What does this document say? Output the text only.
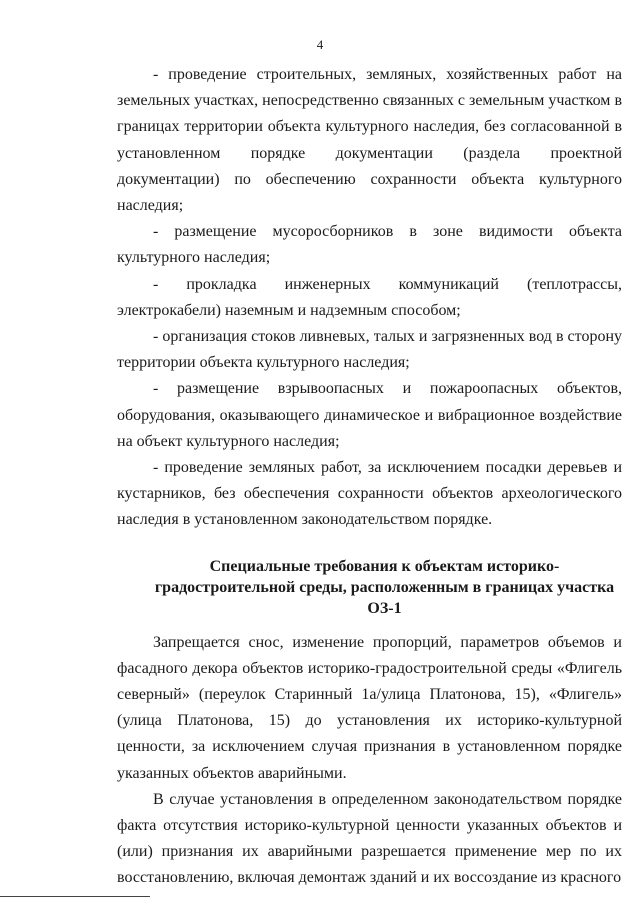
4

- проведение строительных, земляных, хозяйственных работ на земельных участках, непосредственно связанных с земельным участком в границах территории объекта культурного наследия, без согласованной в установленном порядке документации (раздела проектной документации) по обеспечению сохранности объекта культурного наследия;

- размещение мусоросборников в зоне видимости объекта культурного наследия;

- прокладка инженерных коммуникаций (теплотрассы, электрокабели) наземным и надземным способом;

- организация стоков ливневых, талых и загрязненных вод в сторону территории объекта культурного наследия;

- размещение взрывоопасных и пожароопасных объектов, оборудования, оказывающего динамическое и вибрационное воздействие на объект культурного наследия;

- проведение земляных работ, за исключением посадки деревьев и кустарников, без обеспечения сохранности объектов археологического наследия в установленном законодательством порядке.

Специальные требования к объектам историко-градостроительной среды, расположенным в границах участка ОЗ-1

Запрещается снос, изменение пропорций, параметров объемов и фасадного декора объектов историко-градостроительной среды «Флигель северный» (переулок Старинный 1а/улица Платонова, 15), «Флигель» (улица Платонова, 15) до установления их историко-культурной ценности, за исключением случая признания в установленном порядке указанных объектов аварийными.

В случае установления в определенном законодательством порядке факта отсутствия историко-культурной ценности указанных объектов и (или) признания их аварийными разрешается применение мер по их восстановлению, включая демонтаж зданий и их воссоздание из красного
